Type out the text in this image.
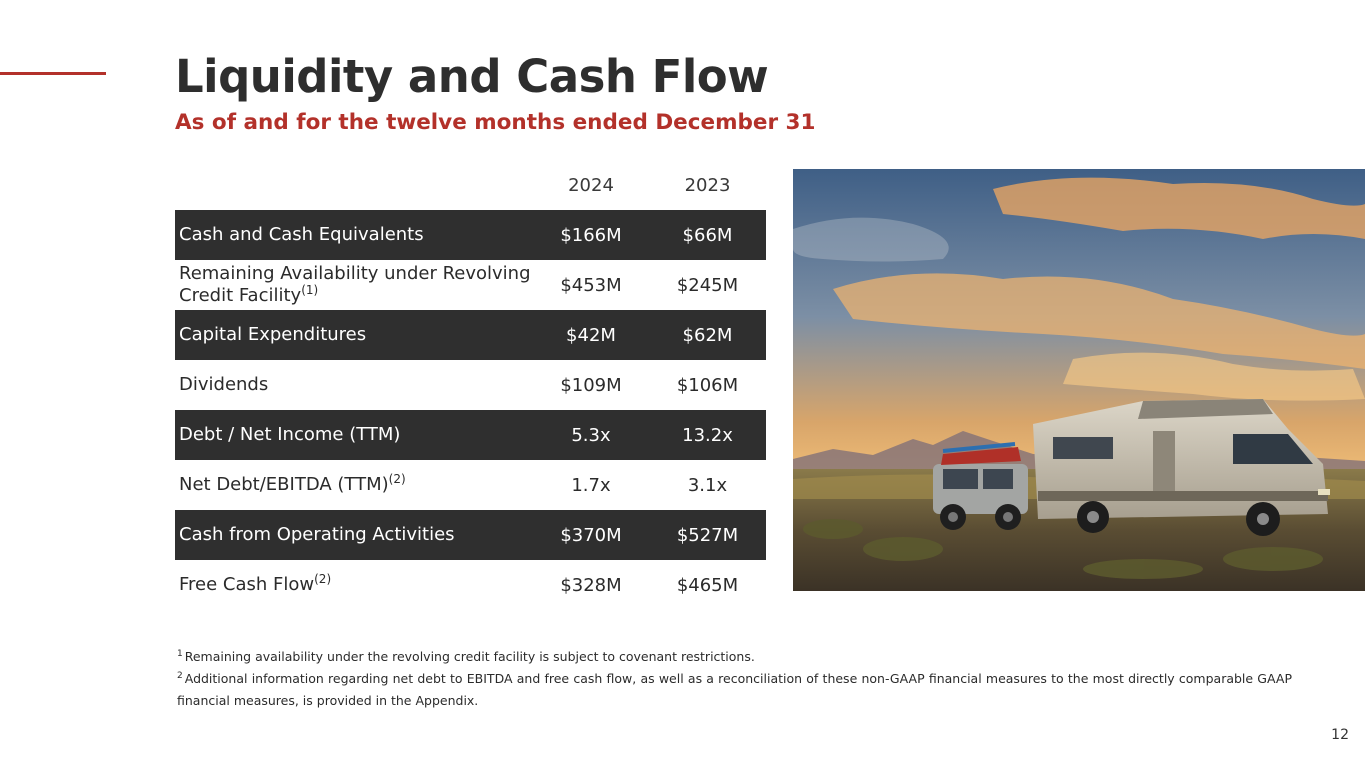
Liquidity and Cash Flow
As of and for the twelve months ended December 31
2024	2023
Cash and Cash Equivalents	$166M	$66M
Remaining Availability under Revolving Credit Facility$^{(1)}$	$453M	$245M
Capital Expenditures	$42M	$62M
Dividends	$109M	$106M
Debt / Net Income (TTM)	5.3x	13.2x
Net Debt/EBITDA (TTM)$^{(2)}$	1.7x	3.1x
Cash from Operating Activities	$370M	$527M
Free Cash Flow$^{(2)}$	$328M	$465M
$^1$ Remaining availability under the revolving credit facility is subject to covenant restrictions.
$^2$ Additional information regarding net debt to EBITDA and free cash flow, as well as a reconciliation of these non-GAAP financial measures to the most directly comparable GAAP financial measures, is provided in the Appendix.
12
